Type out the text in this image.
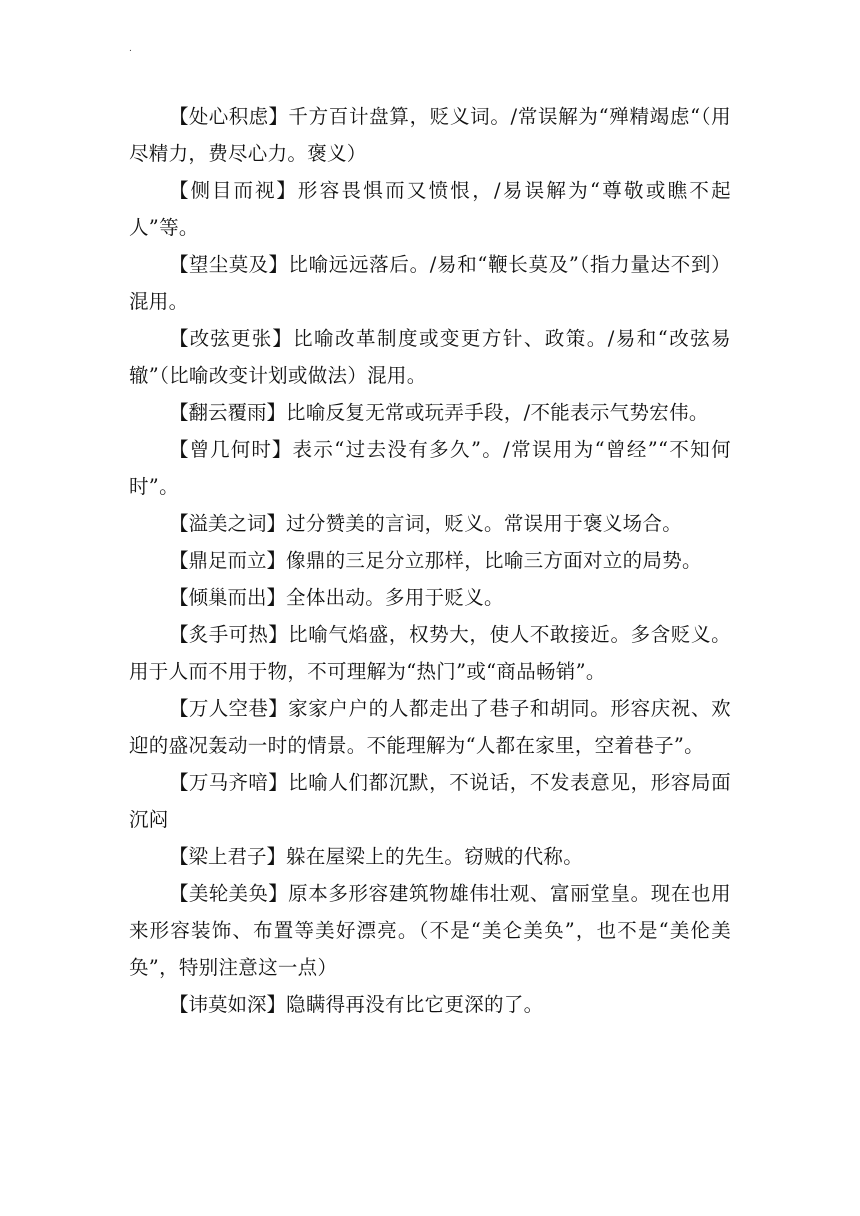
.

【处心积虑】千方百计盘算，贬义词。/常误解为“殚精竭虑“（用尽精力，费尽心力。褒义）

【侧目而视】形容畏惧而又愤恨，/易误解为“尊敬或瞧不起人”等。

【望尘莫及】比喻远远落后。/易和“鞭长莫及”（指力量达不到）混用。

【改弦更张】比喻改革制度或变更方针、政策。/易和“改弦易辙”（比喻改变计划或做法）混用。

【翻云覆雨】比喻反复无常或玩弄手段，/不能表示气势宏伟。

【曾几何时】表示“过去没有多久”。/常误用为“曾经”“不知何时”。

【溢美之词】过分赞美的言词，贬义。常误用于褒义场合。

【鼎足而立】像鼎的三足分立那样，比喻三方面对立的局势。

【倾巢而出】全体出动。多用于贬义。

【炙手可热】比喻气焰盛，权势大，使人不敢接近。多含贬义。用于人而不用于物，不可理解为“热门”或“商品畅销”。

【万人空巷】家家户户的人都走出了巷子和胡同。形容庆祝、欢迎的盛况轰动一时的情景。不能理解为“人都在家里，空着巷子”。

【万马齐喑】比喻人们都沉默，不说话，不发表意见，形容局面沉闷

【梁上君子】躲在屋梁上的先生。窃贼的代称。

【美轮美奂】原本多形容建筑物雄伟壮观、富丽堂皇。现在也用来形容装饰、布置等美好漂亮。（不是“美仑美奂”，也不是“美伦美奂”，特别注意这一点）

【讳莫如深】隐瞒得再没有比它更深的了。
